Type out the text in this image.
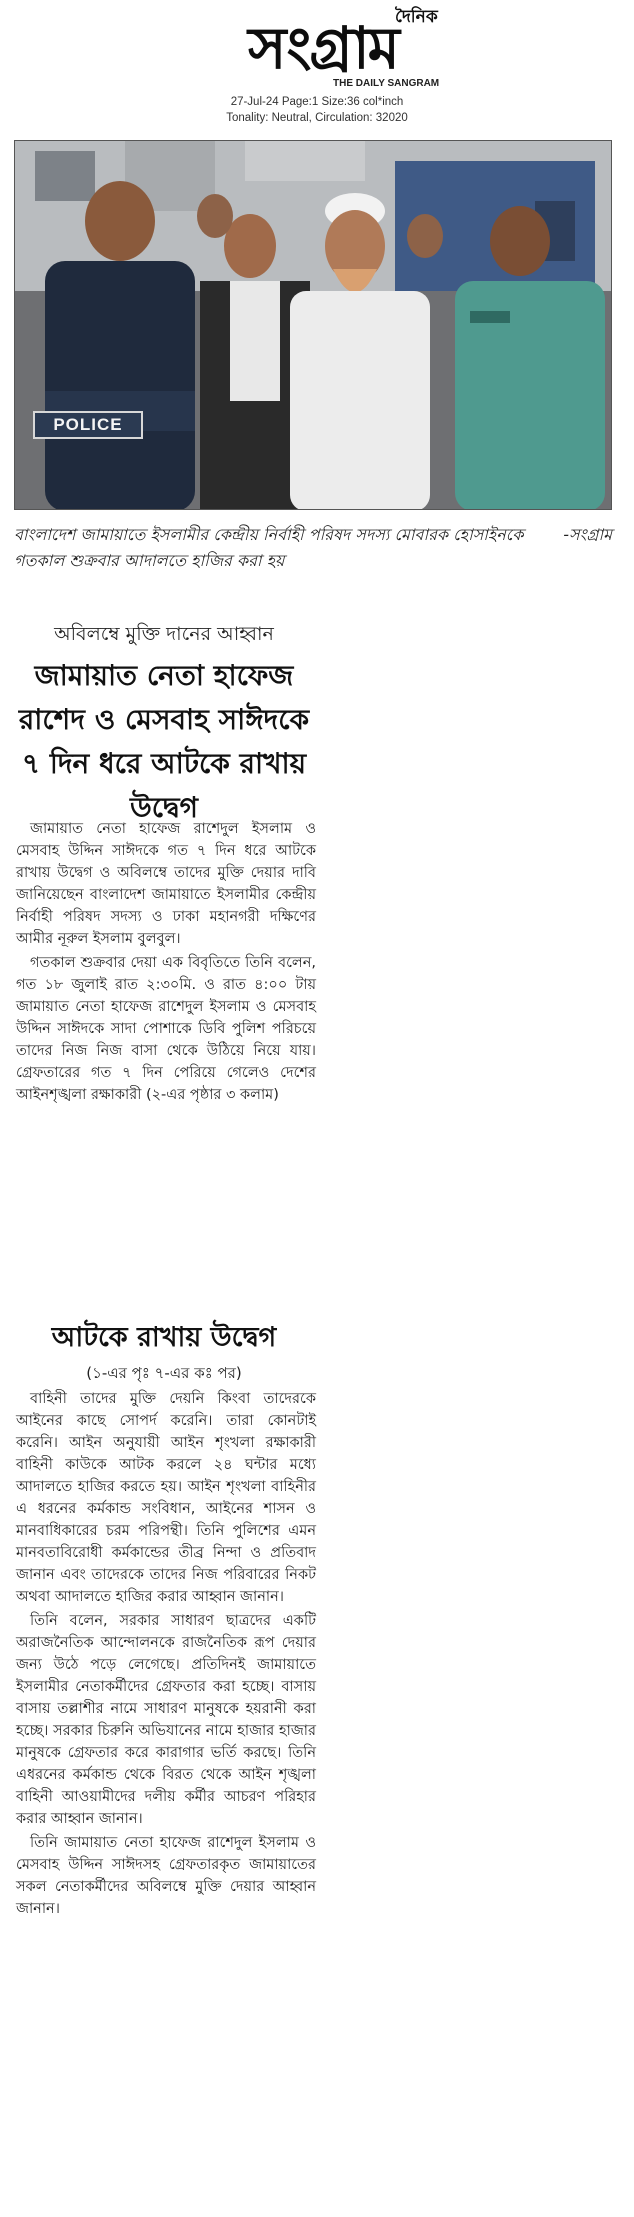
দৈনিক
সংগ্রাম
THE DAILY SANGRAM
27-Jul-24 Page:1 Size:36 col*inch
Tonality: Neutral, Circulation: 32020
POLICE
-সংগ্রাম
বাংলাদেশ জামায়াতে ইসলামীর কেন্দ্রীয় নির্বাহী পরিষদ সদস্য মোবারক হোসাইনকে গতকাল শুক্রবার আদালতে হাজির করা হয়
অবিলম্বে মুক্তি দানের আহ্বান
জামায়াত নেতা হাফেজ রাশেদ ও মেসবাহ সাঈদকে ৭ দিন ধরে আটকে রাখায় উদ্বেগ

জামায়াত নেতা হাফেজ রাশেদুল ইসলাম ও মেসবাহ উদ্দিন সাঈদকে গত ৭ দিন ধরে আটকে রাখায় উদ্বেগ ও অবিলম্বে তাদের মুক্তি দেয়ার দাবি জানিয়েছেন বাংলাদেশ জামায়াতে ইসলামীর কেন্দ্রীয় নির্বাহী পরিষদ সদস্য ও ঢাকা মহানগরী দক্ষিণের আমীর নূরুল ইসলাম বুলবুল।

গতকাল শুক্রবার দেয়া এক বিবৃতিতে তিনি বলেন, গত ১৮ জুলাই রাত ২:৩০মি. ও রাত ৪:০০ টায় জামায়াত নেতা হাফেজ রাশেদুল ইসলাম ও মেসবাহ উদ্দিন সাঈদকে সাদা পোশাকে ডিবি পুলিশ পরিচয়ে তাদের নিজ নিজ বাসা থেকে উঠিয়ে নিয়ে যায়। গ্রেফতারের গত ৭ দিন পেরিয়ে গেলেও দেশের আইনশৃঙ্খলা রক্ষাকারী (২-এর পৃষ্ঠার ৩ কলাম)

আটকে রাখায় উদ্বেগ
(১-এর পৃঃ ৭-এর কঃ পর)

বাহিনী তাদের মুক্তি দেয়নি কিংবা তাদেরকে আইনের কাছে সোপর্দ করেনি। তারা কোনটাই করেনি। আইন অনুযায়ী আইন শৃংখলা রক্ষাকারী বাহিনী কাউকে আটক করলে ২৪ ঘন্টার মধ্যে আদালতে হাজির করতে হয়। আইন শৃংখলা বাহিনীর এ ধরনের কর্মকান্ড সংবিধান, আইনের শাসন ও মানবাধিকারের চরম পরিপন্থী। তিনি পুলিশের এমন মানবতাবিরোধী কর্মকান্ডের তীব্র নিন্দা ও প্রতিবাদ জানান এবং তাদেরকে তাদের নিজ পরিবারের নিকট অথবা আদালতে হাজির করার আহ্বান জানান।

তিনি বলেন, সরকার সাধারণ ছাত্রদের একটি অরাজনৈতিক আন্দোলনকে রাজনৈতিক রূপ দেয়ার জন্য উঠে পড়ে লেগেছে। প্রতিদিনই জামায়াতে ইসলামীর নেতাকর্মীদের গ্রেফতার করা হচ্ছে। বাসায় বাসায় তল্লাশীর নামে সাধারণ মানুষকে হয়রানী করা হচ্ছে। সরকার চিরুনি অভিযানের নামে হাজার হাজার মানুষকে গ্রেফতার করে কারাগার ভর্তি করছে। তিনি এধরনের কর্মকান্ড থেকে বিরত থেকে আইন শৃঙ্খলা বাহিনী আওয়ামীদের দলীয় কর্মীর আচরণ পরিহার করার আহ্বান জানান।

তিনি জামায়াত নেতা হাফেজ রাশেদুল ইসলাম ও মেসবাহ উদ্দিন সাঈদসহ গ্রেফতারকৃত জামায়াতের সকল নেতাকর্মীদের অবিলম্বে মুক্তি দেয়ার আহ্বান জানান।
